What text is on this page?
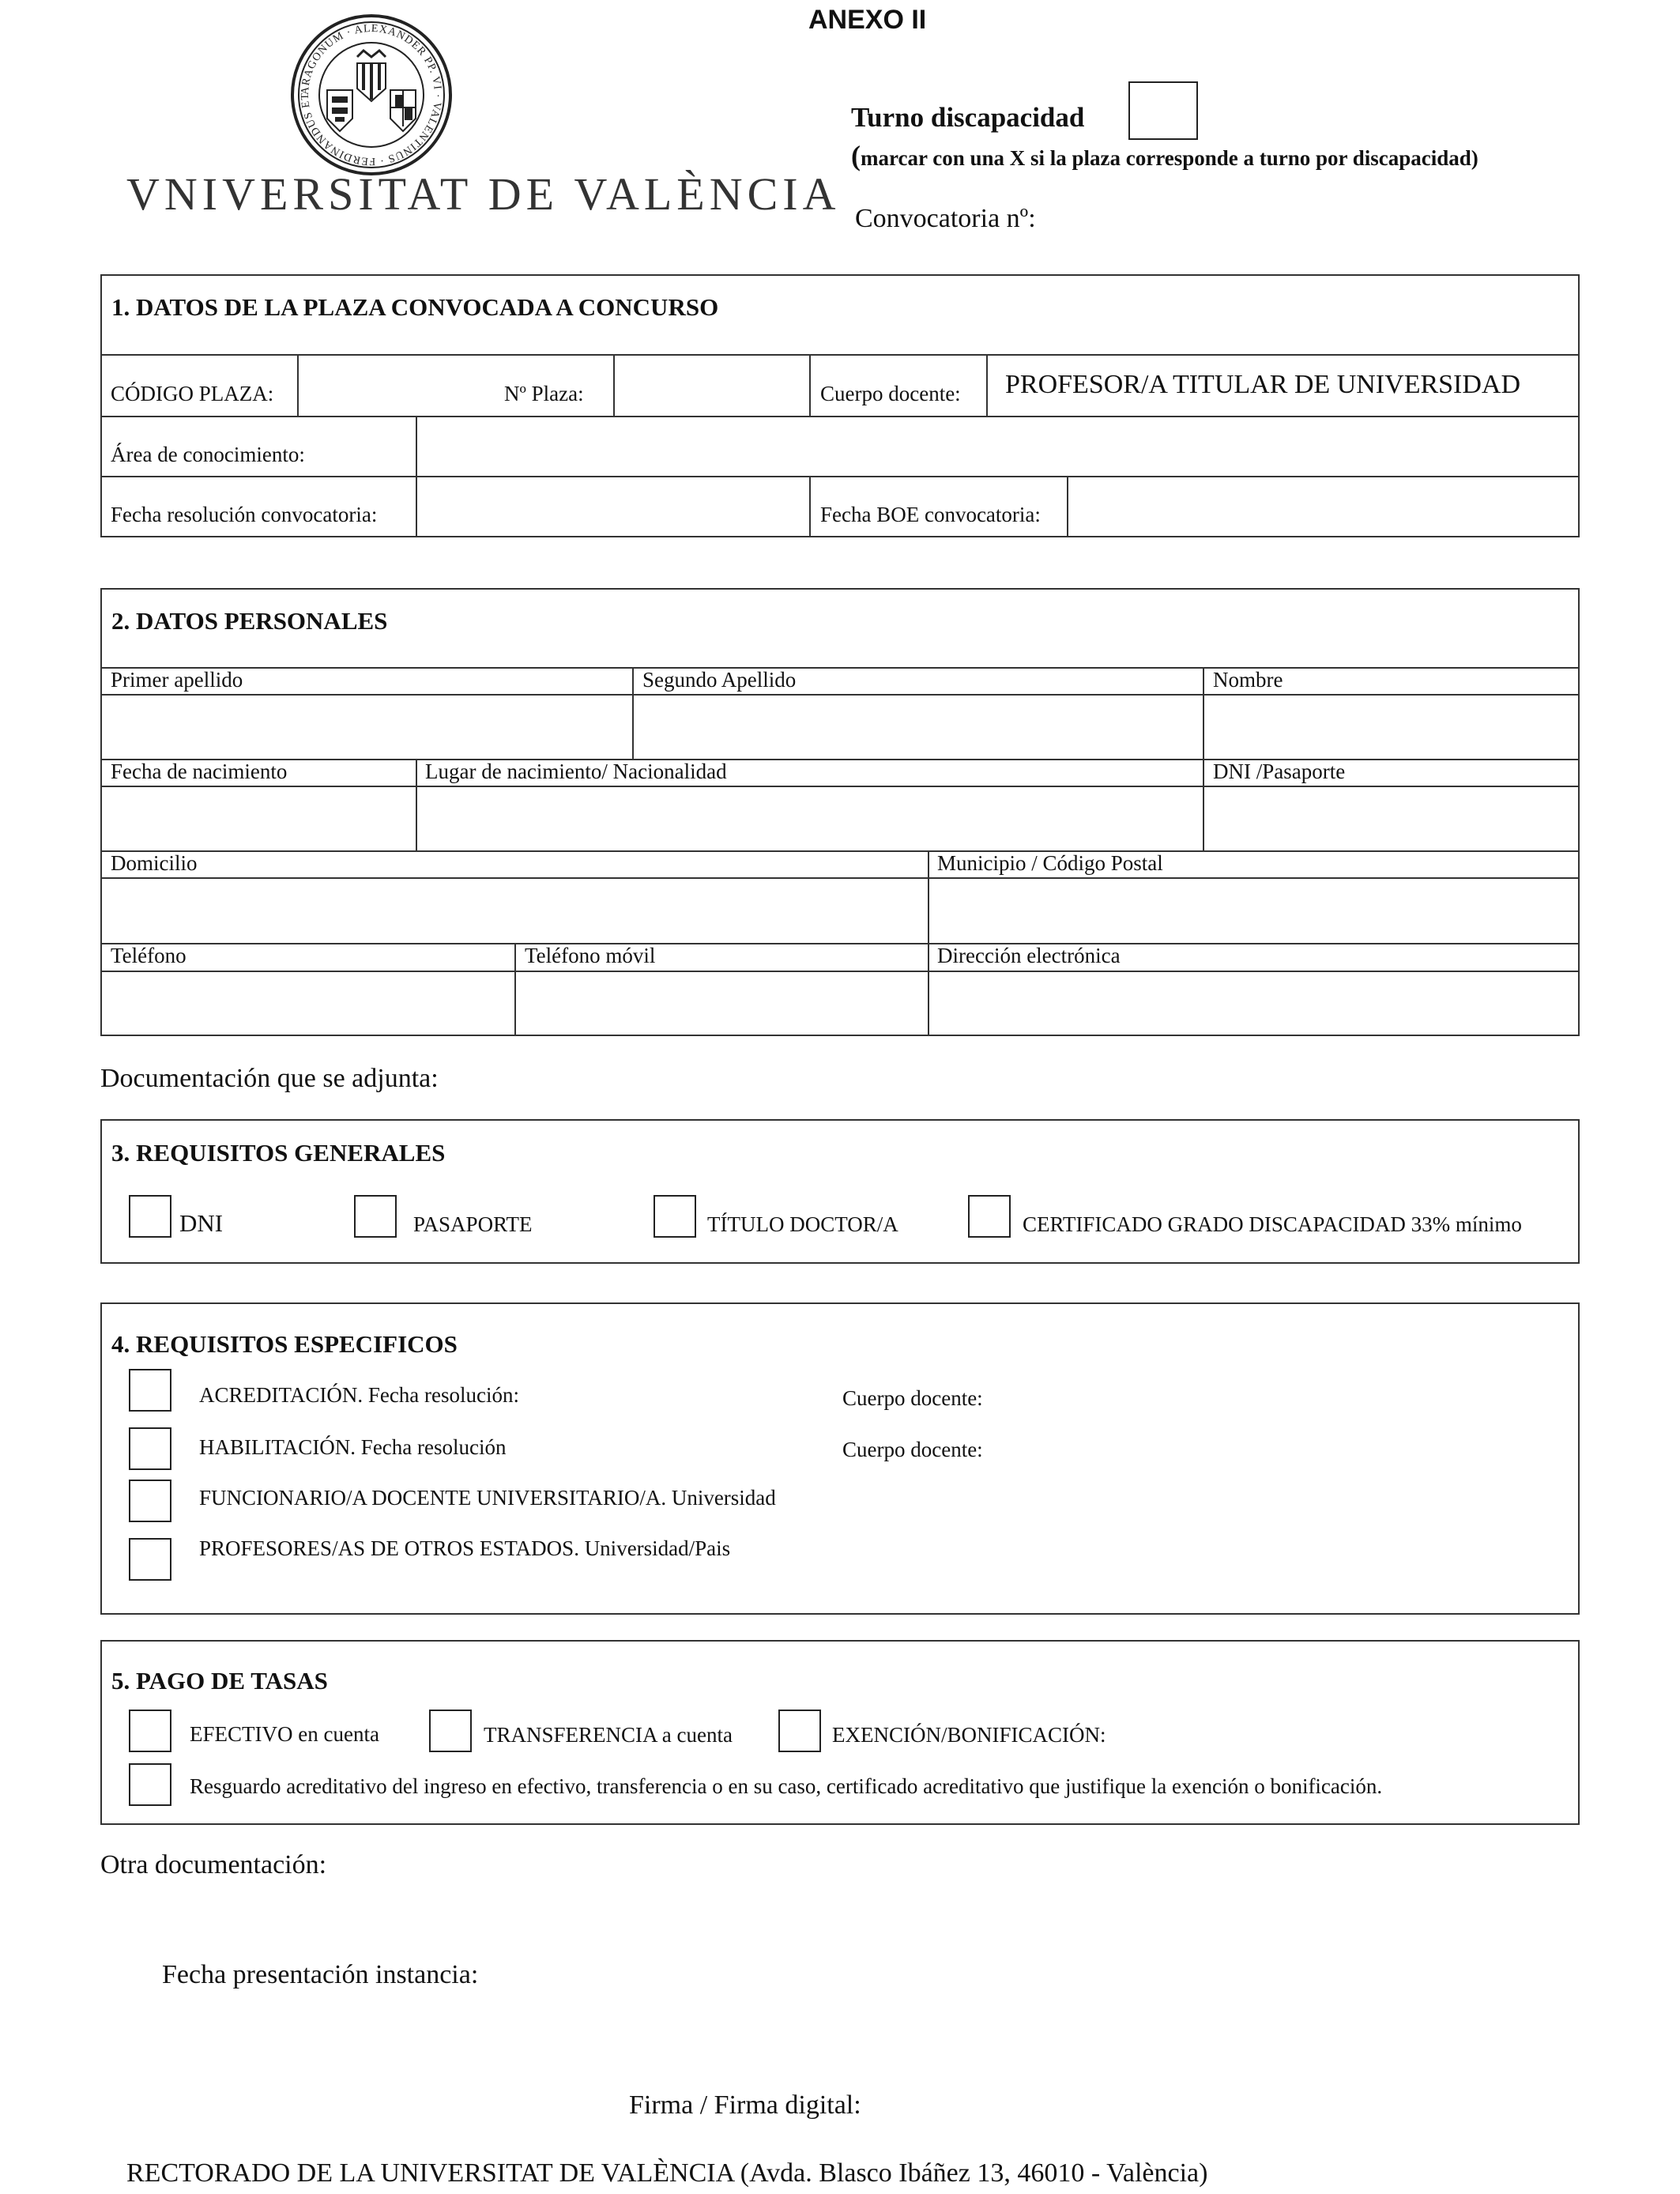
ARAGONUM · ALEXANDER PP. VI · VALENTINUS · FERDINANDUS ET
VNIVERSITAT DE VALÈNCIA
ANEXO II
Turno discapacidad
(marcar con una X si la plaza corresponde a turno por discapacidad)
Convocatoria nº:
1. DATOS DE LA PLAZA CONVOCADA A CONCURSO
CÓDIGO PLAZA:	Nº Plaza:	Cuerpo docente: PROFESOR/A TITULAR DE UNIVERSIDAD
Área de conocimiento:
Fecha resolución convocatoria:	Fecha BOE convocatoria:
2. DATOS PERSONALES
Primer apellido	Segundo Apellido	Nombre
Fecha de nacimiento	Lugar de nacimiento/ Nacionalidad	DNI /Pasaporte
Domicilio	Municipio / Código Postal
Teléfono	Teléfono móvil	Dirección electrónica
Documentación que se adjunta:
3. REQUISITOS GENERALES
DNI	PASAPORTE	TÍTULO DOCTOR/A	CERTIFICADO GRADO DISCAPACIDAD 33% mínimo
4. REQUISITOS ESPECIFICOS
ACREDITACIÓN. Fecha resolución:	Cuerpo docente:
HABILITACIÓN. Fecha resolución	Cuerpo docente:
FUNCIONARIO/A DOCENTE UNIVERSITARIO/A. Universidad
PROFESORES/AS DE OTROS ESTADOS. Universidad/Pais
5. PAGO DE TASAS
EFECTIVO en cuenta	TRANSFERENCIA a cuenta	EXENCIÓN/BONIFICACIÓN:
Resguardo acreditativo del ingreso en efectivo, transferencia o en su caso, certificado acreditativo que justifique la exención o bonificación.
Otra documentación:
Fecha presentación instancia:
Firma / Firma digital:
RECTORADO DE LA UNIVERSITAT DE VALÈNCIA (Avda. Blasco Ibáñez 13, 46010 - València)
